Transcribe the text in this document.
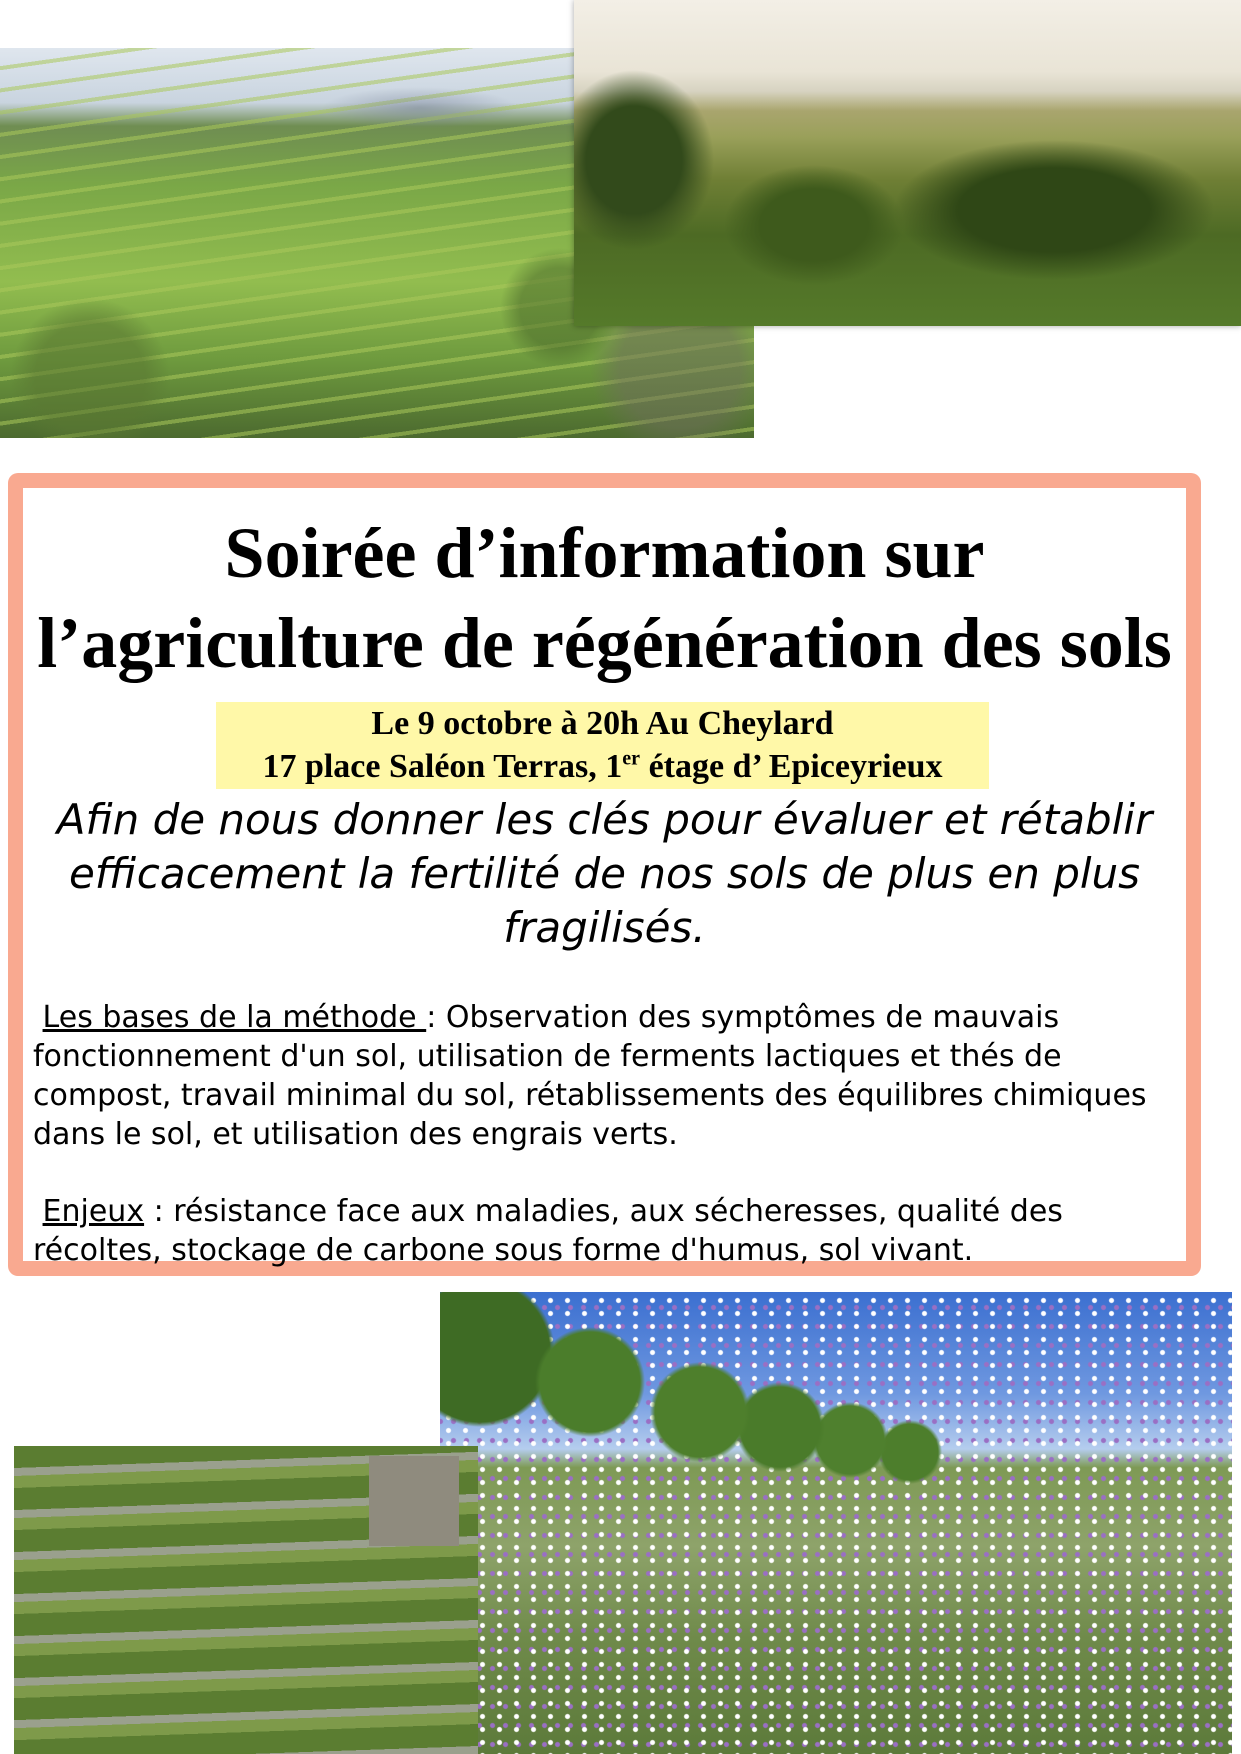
Soirée d’information sur
l’agriculture de régénération des sols
Le 9 octobre à 20h Au Cheylard
17 place Saléon Terras, 1er étage d’ Epiceyrieux

Afin de nous donner les clés pour évaluer et rétablir efficacement la fertilité de nos sols de plus en plus fragilisés.

Les bases de la méthode : Observation des symptômes de mauvais fonctionnement d'un sol, utilisation de ferments lactiques et thés de compost, travail minimal du sol, rétablissements des équilibres chimiques dans le sol, et utilisation des engrais verts.

Enjeux : résistance face aux maladies, aux sécheresses, qualité des récoltes, stockage de carbone sous forme d'humus, sol vivant.
